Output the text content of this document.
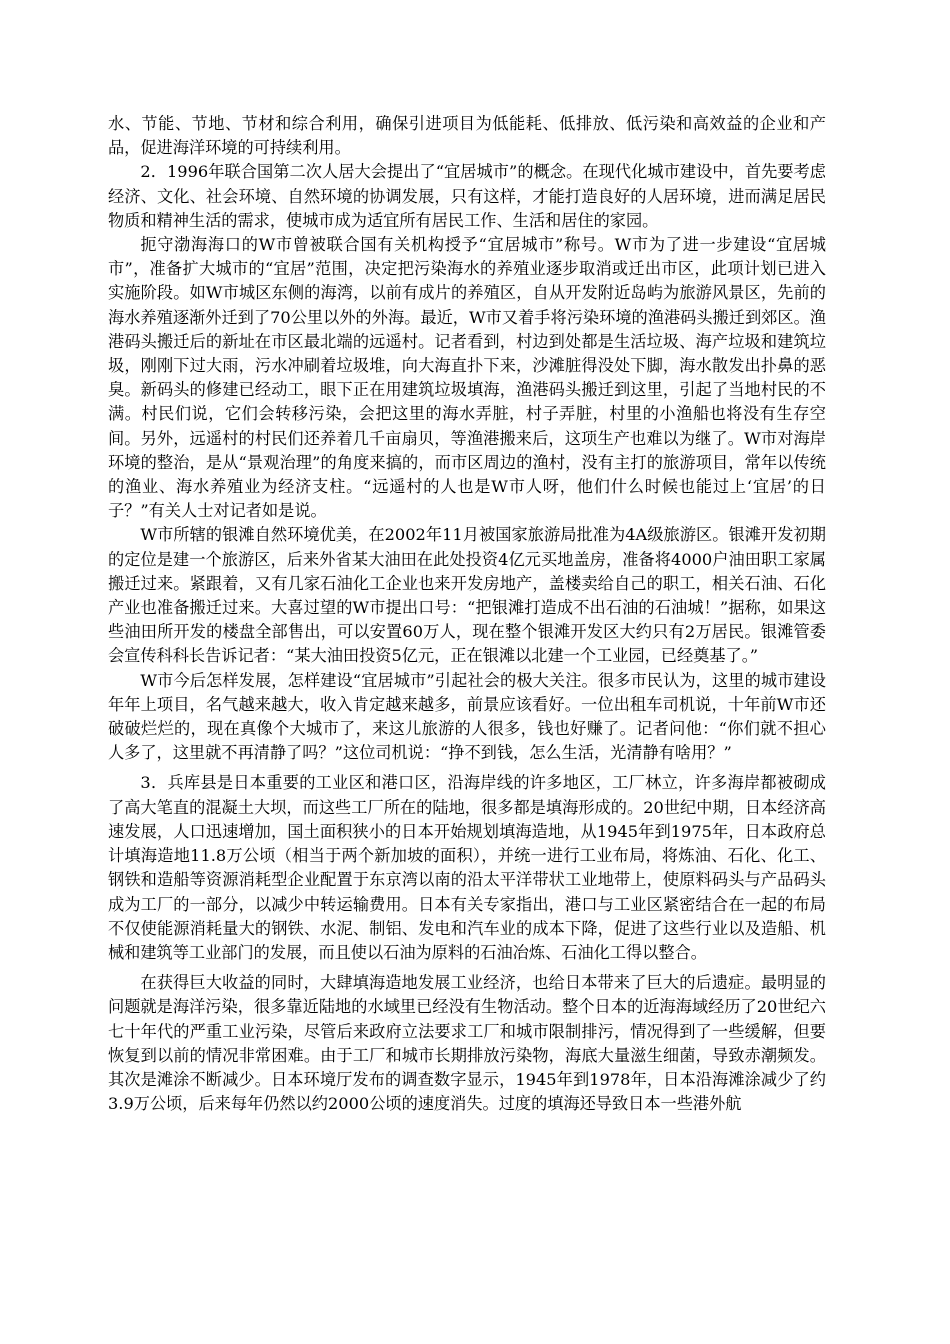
水、节能、节地、节材和综合利用，确保引进项目为低能耗、低排放、低污染和高效益的企业和产品，促进海洋环境的可持续利用。

2．1996年联合国第二次人居大会提出了“宜居城市”的概念。在现代化城市建设中，首先要考虑经济、文化、社会环境、自然环境的协调发展，只有这样，才能打造良好的人居环境，进而满足居民物质和精神生活的需求，使城市成为适宜所有居民工作、生活和居住的家园。

扼守渤海海口的W市曾被联合国有关机构授予“宜居城市”称号。W市为了进一步建设“宜居城市”，准备扩大城市的“宜居”范围，决定把污染海水的养殖业逐步取消或迁出市区，此项计划已进入实施阶段。如W市城区东侧的海湾，以前有成片的养殖区，自从开发附近岛屿为旅游风景区，先前的海水养殖逐渐外迁到了70公里以外的外海。最近，W市又着手将污染环境的渔港码头搬迁到郊区。渔港码头搬迁后的新址在市区最北端的远遥村。记者看到，村边到处都是生活垃圾、海产垃圾和建筑垃圾，刚刚下过大雨，污水冲刷着垃圾堆，向大海直扑下来，沙滩脏得没处下脚，海水散发出扑鼻的恶臭。新码头的修建已经动工，眼下正在用建筑垃圾填海，渔港码头搬迁到这里，引起了当地村民的不满。村民们说，它们会转移污染，会把这里的海水弄脏，村子弄脏，村里的小渔船也将没有生存空间。另外，远遥村的村民们还养着几千亩扇贝，等渔港搬来后，这项生产也难以为继了。W市对海岸环境的整治，是从“景观治理”的角度来搞的，而市区周边的渔村，没有主打的旅游项目，常年以传统的渔业、海水养殖业为经济支柱。“远遥村的人也是W市人呀，他们什么时候也能过上‘宜居’的日子？”有关人士对记者如是说。

W市所辖的银滩自然环境优美，在2002年11月被国家旅游局批准为4A级旅游区。银滩开发初期的定位是建一个旅游区，后来外省某大油田在此处投资4亿元买地盖房，准备将4000户油田职工家属搬迁过来。紧跟着，又有几家石油化工企业也来开发房地产，盖楼卖给自己的职工，相关石油、石化产业也准备搬迁过来。大喜过望的W市提出口号：“把银滩打造成不出石油的石油城！”据称，如果这些油田所开发的楼盘全部售出，可以安置60万人，现在整个银滩开发区大约只有2万居民。银滩管委会宣传科科长告诉记者：“某大油田投资5亿元，正在银滩以北建一个工业园，已经奠基了。”

W市今后怎样发展，怎样建设“宜居城市”引起社会的极大关注。很多市民认为，这里的城市建设年年上项目，名气越来越大，收入肯定越来越多，前景应该看好。一位出租车司机说，十年前W市还破破烂烂的，现在真像个大城市了，来这儿旅游的人很多，钱也好赚了。记者问他：“你们就不担心人多了，这里就不再清静了吗？”这位司机说：“挣不到钱，怎么生活，光清静有啥用？”

3．兵库县是日本重要的工业区和港口区，沿海岸线的许多地区，工厂林立，许多海岸都被砌成了高大笔直的混凝土大坝，而这些工厂所在的陆地，很多都是填海形成的。20世纪中期，日本经济高速发展，人口迅速增加，国土面积狭小的日本开始规划填海造地，从1945年到1975年，日本政府总计填海造地11.8万公顷（相当于两个新加坡的面积），并统一进行工业布局，将炼油、石化、化工、钢铁和造船等资源消耗型企业配置于东京湾以南的沿太平洋带状工业地带上，使原料码头与产品码头成为工厂的一部分，以减少中转运输费用。日本有关专家指出，港口与工业区紧密结合在一起的布局不仅使能源消耗量大的钢铁、水泥、制铝、发电和汽车业的成本下降，促进了这些行业以及造船、机械和建筑等工业部门的发展，而且使以石油为原料的石油冶炼、石油化工得以整合。

在获得巨大收益的同时，大肆填海造地发展工业经济，也给日本带来了巨大的后遗症。最明显的问题就是海洋污染，很多靠近陆地的水域里已经没有生物活动。整个日本的近海海域经历了20世纪六七十年代的严重工业污染，尽管后来政府立法要求工厂和城市限制排污，情况得到了一些缓解，但要恢复到以前的情况非常困难。由于工厂和城市长期排放污染物，海底大量滋生细菌，导致赤潮频发。其次是滩涂不断减少。日本环境厅发布的调查数字显示，1945年到1978年，日本沿海滩涂减少了约3.9万公顷，后来每年仍然以约2000公顷的速度消失。过度的填海还导致日本一些港外航
